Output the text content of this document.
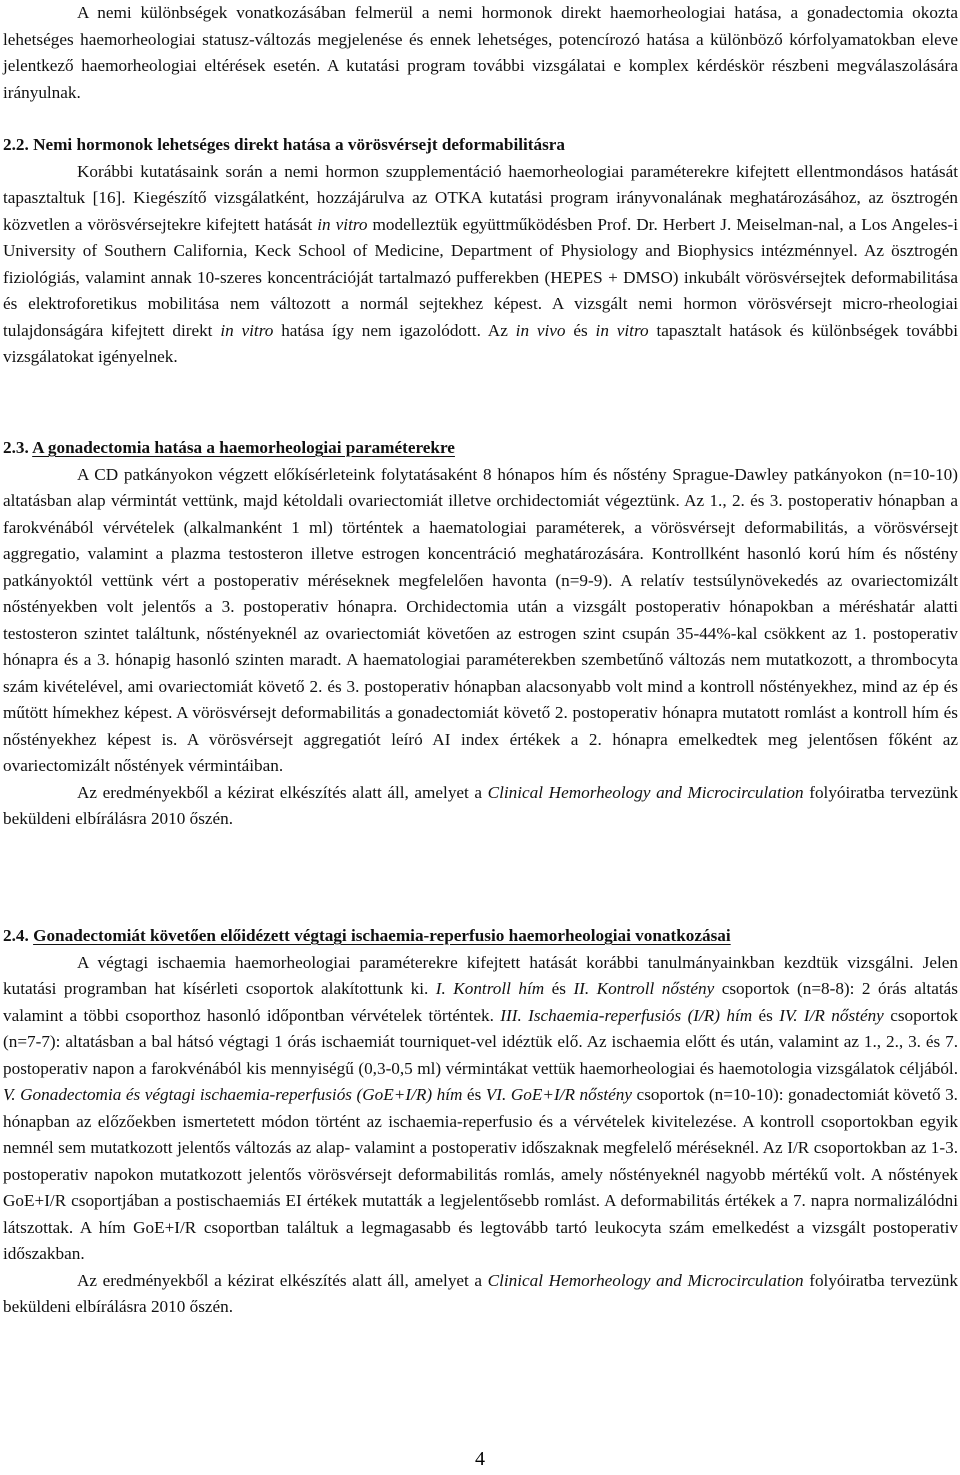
A nemi különbségek vonatkozásában felmerül a nemi hormonok direkt haemorheologiai hatása, a gonadectomia okozta lehetséges haemorheologiai statusz-változás megjelenése és ennek lehetséges, potencírozó hatása a különböző kórfolyamatokban eleve jelentkező haemorheologiai eltérések esetén. A kutatási program további vizsgálatai e komplex kérdéskör részbeni megválaszolására irányulnak.

2.2. Nemi hormonok lehetséges direkt hatása a vörösvérsejt deformabilitásra

Korábbi kutatásaink során a nemi hormon szupplementáció haemorheologiai paraméterekre kifejtett ellentmondásos hatását tapasztaltuk [16]. Kiegészítő vizsgálatként, hozzájárulva az OTKA kutatási program irányvonalának meghatározásához, az ösztrogén közvetlen a vörösvérsejtekre kifejtett hatását in vitro modelleztük együttműködésben Prof. Dr. Herbert J. Meiselman-nal, a Los Angeles-i University of Southern California, Keck School of Medicine, Department of Physiology and Biophysics intézménnyel. Az ösztrogén fiziológiás, valamint annak 10-szeres koncentrációját tartalmazó pufferekben (HEPES + DMSO) inkubált vörösvérsejtek deformabilitása és elektroforetikus mobilitása nem változott a normál sejtekhez képest. A vizsgált nemi hormon vörösvérsejt micro-rheologiai tulajdonságára kifejtett direkt in vitro hatása így nem igazolódott. Az in vivo és in vitro tapasztalt hatások és különbségek további vizsgálatokat igényelnek.

2.3. A gonadectomia hatása a haemorheologiai paraméterekre

A CD patkányokon végzett előkísérleteink folytatásaként 8 hónapos hím és nőstény Sprague-Dawley patkányokon (n=10-10) altatásban alap vérmintát vettünk, majd kétoldali ovariectomiát illetve orchidectomiát végeztünk. Az 1., 2. és 3. postoperativ hónapban a farokvénából vérvételek (alkalmanként 1 ml) történtek a haematologiai paraméterek, a vörösvérsejt deformabilitás, a vörösvérsejt aggregatio, valamint a plazma testosteron illetve estrogen koncentráció meghatározására. Kontrollként hasonló korú hím és nőstény patkányoktól vettünk vért a postoperativ méréseknek megfelelően havonta (n=9-9). A relatív testsúlynövekedés az ovariectomizált nőstényekben volt jelentős a 3. postoperativ hónapra. Orchidectomia után a vizsgált postoperativ hónapokban a méréshatár alatti testosteron szintet találtunk, nőstényeknél az ovariectomiát követően az estrogen szint csupán 35-44%-kal csökkent az 1. postoperativ hónapra és a 3. hónapig hasonló szinten maradt. A haematologiai paraméterekben szembetűnő változás nem mutatkozott, a thrombocyta szám kivételével, ami ovariectomiát követő 2. és 3. postoperativ hónapban alacsonyabb volt mind a kontroll nőstényekhez, mind az ép és műtött hímekhez képest. A vörösvérsejt deformabilitás a gonadectomiát követő 2. postoperativ hónapra mutatott romlást a kontroll hím és nőstényekhez képest is. A vörösvérsejt aggregatiót leíró AI index értékek a 2. hónapra emelkedtek meg jelentősen főként az ovariectomizált nőstények vérmintáiban.

Az eredményekből a kézirat elkészítés alatt áll, amelyet a Clinical Hemorheology and Microcirculation folyóiratba tervezünk beküldeni elbírálásra 2010 őszén.

2.4. Gonadectomiát követően előidézett végtagi ischaemia-reperfusio haemorheologiai vonatkozásai

A végtagi ischaemia haemorheologiai paraméterekre kifejtett hatását korábbi tanulmányainkban kezdtük vizsgálni. Jelen kutatási programban hat kísérleti csoportok alakítottunk ki. I. Kontroll hím és II. Kontroll nőstény csoportok (n=8-8): 2 órás altatás valamint a többi csoporthoz hasonló időpontban vérvételek történtek. III. Ischaemia-reperfusiós (I/R) hím és IV. I/R nőstény csoportok (n=7-7): altatásban a bal hátsó végtagi 1 órás ischaemiát tourniquet-vel idéztük elő. Az ischaemia előtt és után, valamint az 1., 2., 3. és 7. postoperativ napon a farokvénából kis mennyiségű (0,3-0,5 ml) vérmintákat vettük haemorheologiai és haemotologia vizsgálatok céljából. V. Gonadectomia és végtagi ischaemia-reperfusiós (GoE+I/R) hím és VI. GoE+I/R nőstény csoportok (n=10-10): gonadectomiát követő 3. hónapban az előzőekben ismertetett módon történt az ischaemia-reperfusio és a vérvételek kivitelezése. A kontroll csoportokban egyik nemnél sem mutatkozott jelentős változás az alap- valamint a postoperativ időszaknak megfelelő méréseknél. Az I/R csoportokban az 1-3. postoperativ napokon mutatkozott jelentős vörösvérsejt deformabilitás romlás, amely nőstényeknél nagyobb mértékű volt. A nőstények GoE+I/R csoportjában a postischaemiás EI értékek mutatták a legjelentősebb romlást. A deformabilitás értékek a 7. napra normalizálódni látszottak. A hím GoE+I/R csoportban találtuk a legmagasabb és legtovább tartó leukocyta szám emelkedést a vizsgált postoperativ időszakban.

Az eredményekből a kézirat elkészítés alatt áll, amelyet a Clinical Hemorheology and Microcirculation folyóiratba tervezünk beküldeni elbírálásra 2010 őszén.

4
